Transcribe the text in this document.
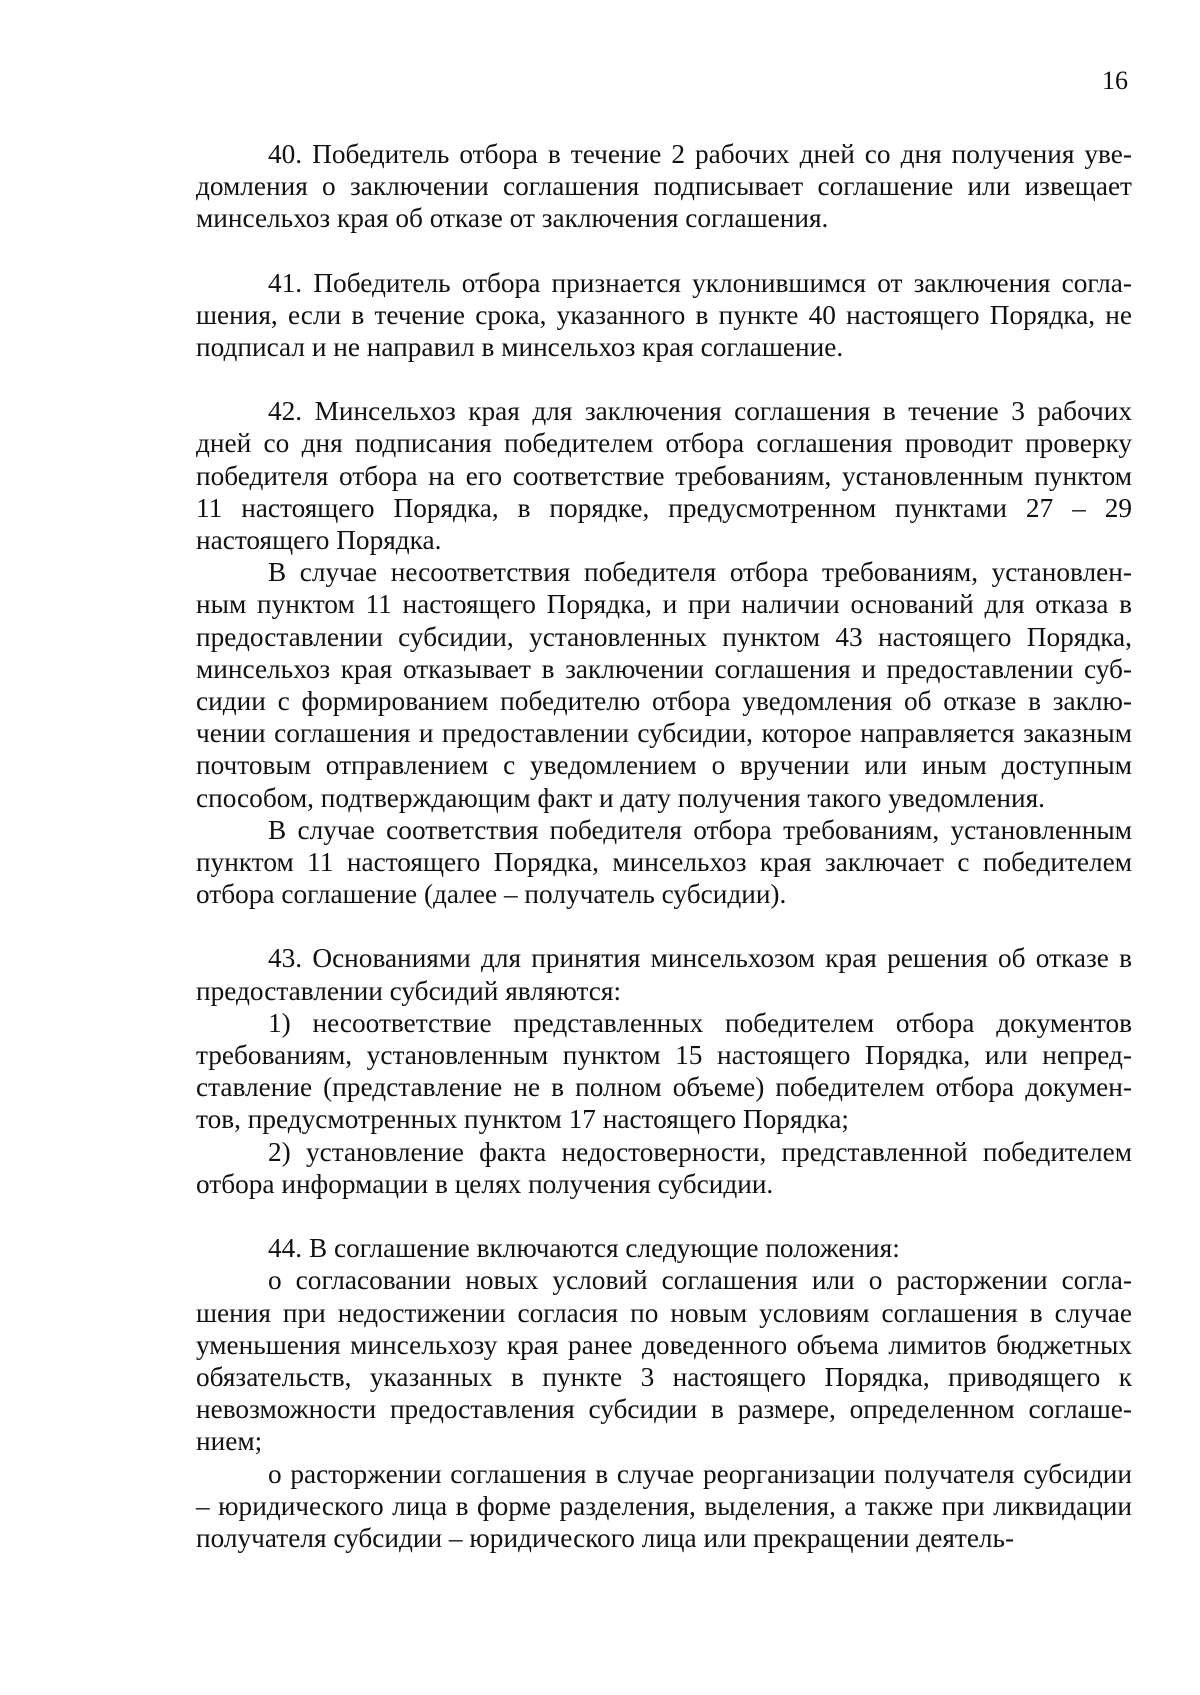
16

40. Победитель отбора в течение 2 рабочих дней со дня получения уведомления о заключении соглашения подписывает соглашение или извещает минсельхоз края об отказе от заключения соглашения.

41. Победитель отбора признается уклонившимся от заключения соглашения, если в течение срока, указанного в пункте 40 настоящего Порядка, не подписал и не направил в минсельхоз края соглашение.

42. Минсельхоз края для заключения соглашения в течение 3 рабочих дней со дня подписания победителем отбора соглашения проводит проверку победителя отбора на его соответствие требованиям, установленным пунктом 11 настоящего Порядка, в порядке, предусмотренном пунктами 27 – 29 настоящего Порядка.

В случае несоответствия победителя отбора требованиям, установленным пунктом 11 настоящего Порядка, и при наличии оснований для отказа в предоставлении субсидии, установленных пунктом 43 настоящего Порядка, минсельхоз края отказывает в заключении соглашения и предоставлении субсидии с формированием победителю отбора уведомления об отказе в заключении соглашения и предоставлении субсидии, которое направляется заказным почтовым отправлением с уведомлением о вручении или иным доступным способом, подтверждающим факт и дату получения такого уведомления.

В случае соответствия победителя отбора требованиям, установленным пунктом 11 настоящего Порядка, минсельхоз края заключает с победителем отбора соглашение (далее – получатель субсидии).

43. Основаниями для принятия минсельхозом края решения об отказе в предоставлении субсидий являются:

1) несоответствие представленных победителем отбора документов требованиям, установленным пунктом 15 настоящего Порядка, или непредставление (представление не в полном объеме) победителем отбора документов, предусмотренных пунктом 17 настоящего Порядка;

2) установление факта недостоверности, представленной победителем отбора информации в целях получения субсидии.

44. В соглашение включаются следующие положения:

о согласовании новых условий соглашения или о расторжении соглашения при недостижении согласия по новым условиям соглашения в случае уменьшения минсельхозу края ранее доведенного объема лимитов бюджетных обязательств, указанных в пункте 3 настоящего Порядка, приводящего к невозможности предоставления субсидии в размере, определенном соглашением;

о расторжении соглашения в случае реорганизации получателя субсидии – юридического лица в форме разделения, выделения, а также при ликвидации получателя субсидии – юридического лица или прекращении деятель-
